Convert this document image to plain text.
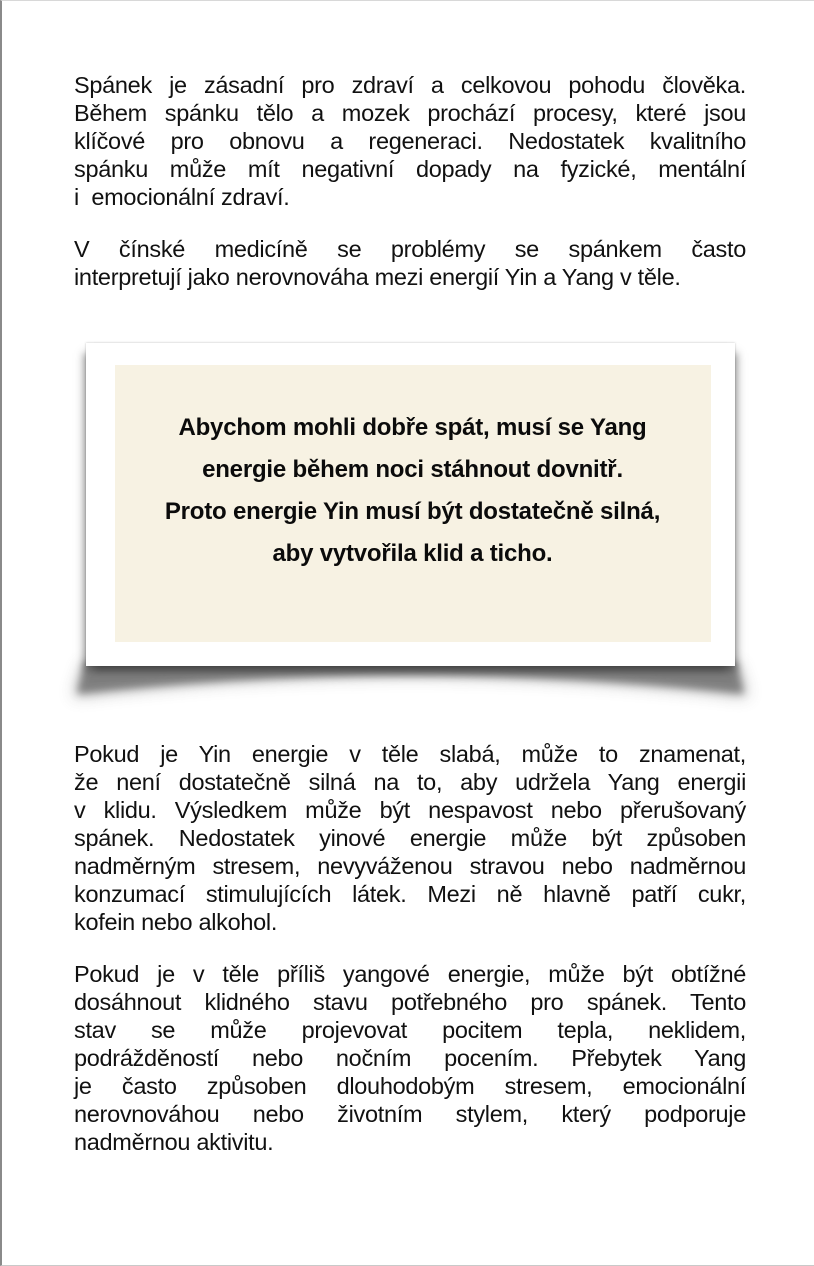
Spánek je zásadní pro zdraví a celkovou pohodu člověka.
Během spánku tělo a mozek prochází procesy, které jsou
klíčové pro obnovu a regeneraci. Nedostatek kvalitního
spánku může mít negativní dopady na fyzické, mentální
i  emocionální zdraví.
V čínské medicíně se problémy se spánkem často
interpretují jako nerovnováha mezi energií Yin a Yang v těle.
Abychom mohli dobře spát, musí se Yang
energie během noci stáhnout dovnitř.
Proto energie Yin musí být dostatečně silná,
aby vytvořila klid a ticho.
Pokud je Yin energie v těle slabá, může to znamenat,
že není dostatečně silná na to, aby udržela Yang energii
v klidu. Výsledkem může být nespavost nebo přerušovaný
spánek. Nedostatek yinové energie může být způsoben
nadměrným stresem, nevyváženou stravou nebo nadměrnou
konzumací stimulujících látek. Mezi ně hlavně patří cukr,
kofein nebo alkohol.
Pokud je v těle příliš yangové energie, může být obtížné
dosáhnout klidného stavu potřebného pro spánek. Tento
stav se může projevovat pocitem tepla, neklidem,
podrážděností nebo nočním pocením. Přebytek Yang
je často způsoben dlouhodobým stresem, emocionální
nerovnováhou nebo životním stylem, který podporuje
nadměrnou aktivitu.
